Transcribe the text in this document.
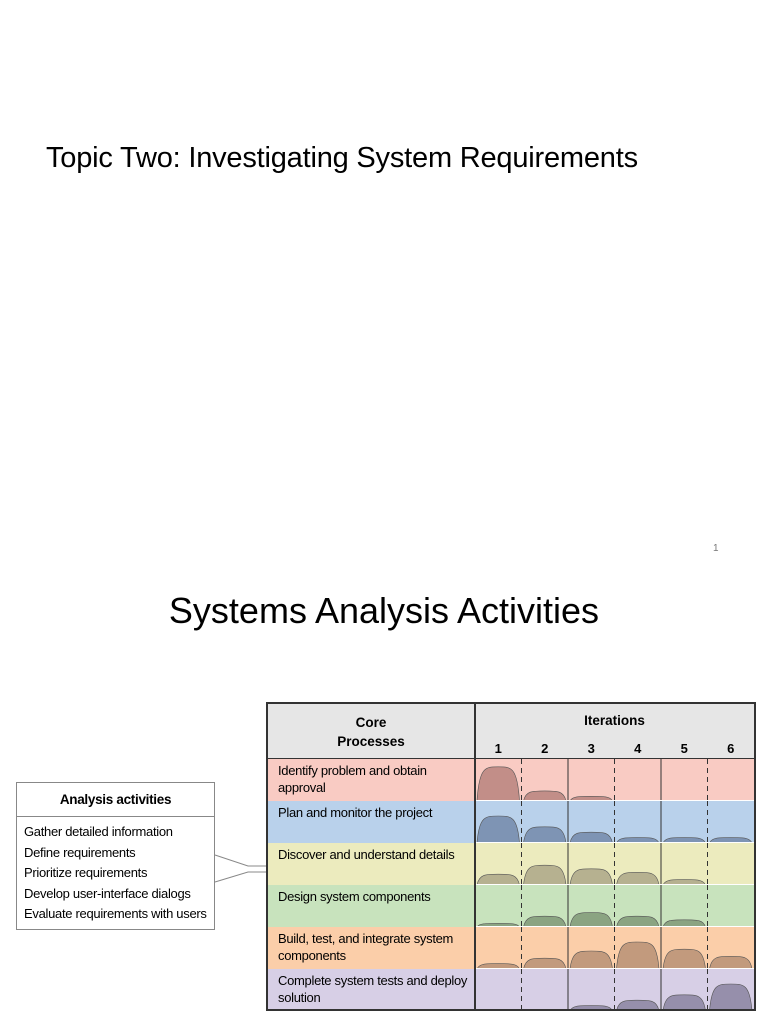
Topic Two: Investigating System Requirements
1
Systems Analysis Activities
Analysis activities
Gather detailed information
Define requirements
Prioritize requirements
Develop user-interface dialogs
Evaluate requirements with users
Core
Processes
Iterations
1	2	3	4	5	6
Identify problem and obtain approval
Plan and monitor the project
Discover and understand details
Design system components
Build, test, and integrate system components
Complete system tests and deploy solution
